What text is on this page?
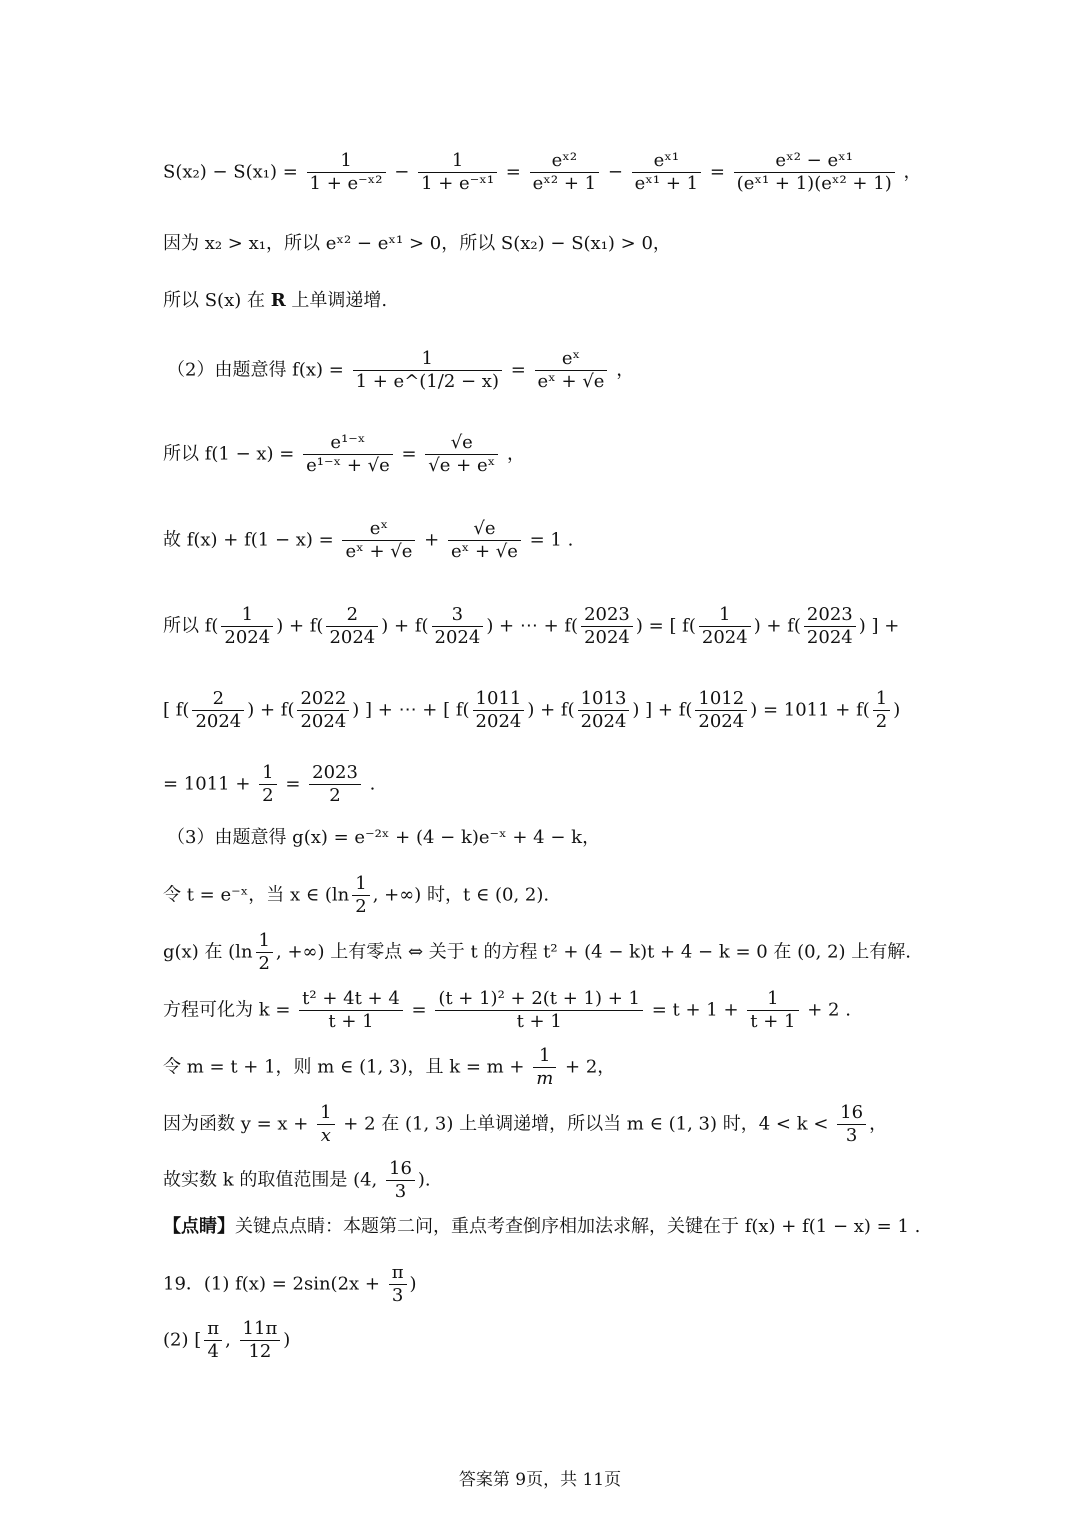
$S(x_2) - S(x_1) = \frac{1}{\text{1 + e⁻ˣ²}} - \frac{1}{\text{1 + e⁻ˣ¹}} = \frac{\text{eˣ²}}{\text{eˣ² + 1}} - \frac{\text{eˣ¹}}{\text{eˣ¹ + 1}} = \frac{\text{eˣ² − eˣ¹}}{\text{(eˣ¹ + 1)(eˣ² + 1)}}$ ，
因为 x₂ > x₁，所以 eˣ² − eˣ¹ > 0，所以 S(x₂) − S(x₁) > 0，
所以 S(x) 在 R 上单调递增.
（2）由题意得 $f(x) = \frac{1}{1 + e\^{}(1/2 - x)} = \frac{\text{eˣ}}{\text{eˣ + √e}}$ ，
所以 $f(1 - x) = \frac{\text{e¹⁻ˣ}}{\text{e¹⁻ˣ + √e}} = \frac{√e}{\text{√e + eˣ}}$ ，
故 $f(x) + f(1 - x) = \frac{\text{eˣ}}{\text{eˣ + √e}} + \frac{√e}{\text{eˣ + √e}} = 1$ .
所以 $f( \frac{1}{2024}$ ) + $f( \frac{2}{2024}$ ) + $f( \frac{3}{2024}$ ) + ⋯ + $f( \frac{2023}{2024}$ ) = [ $f( \frac{1}{2024}$ ) + $f( \frac{2023}{2024}$ ) ] +
[ $f( \frac{2}{2024}$ ) + $f( \frac{2022}{2024}$ ) ] + ⋯ + [ $f( \frac{1011}{2024}$ ) + $f( \frac{1013}{2024}$ ) ] + $f( \frac{1012}{2024}$ ) = $1011 + f( \frac{1}{2}$ )
= $1011 + \frac{1}{2} = \frac{2023}{2}$ .
（3）由题意得 g(x) = e⁻²ˣ + (4 − k)e⁻ˣ + 4 − k，
令 t = e⁻ˣ，当 x ∈ ($\ln \frac{1}{2}$ , +∞) 时，t ∈ (0, 2).
g(x) 在 ($\ln \frac{1}{2}$ , +∞) 上有零点 ⇔ 关于 t 的方程 t² + (4 − k)t + 4 − k = 0 在 (0, 2) 上有解.
方程可化为 $k = \frac{\text{t² + 4t + 4}}{t + 1} = \frac{\text{(t + 1)² + 2(t + 1) + 1}}{t + 1} = t + 1 + \frac{1}{t + 1} + 2$ .
令 m = t + 1，则 m ∈ (1, 3)，且 $k = m + \frac{1}{m} + 2$，
因为函数 $y = x + \frac{1}{x} + 2$ 在 (1, 3) 上单调递增，所以当 m ∈ (1, 3) 时，$4 < k < \frac{16}{3}$ ，
故实数 k 的取值范围是 (4, $\frac{16}{3}$ ).
【点睛】关键点点睛：本题第二问，重点考查倒序相加法求解，关键在于 f(x) + f(1 − x) = 1 .
19．(1) $f(x) = 2\sin(2x + \frac{\pi}{3}$ )
(2) [ $\frac{\pi}{4}$ , $\frac{11\pi}{12}$ )
答案第 9页，共 11页
